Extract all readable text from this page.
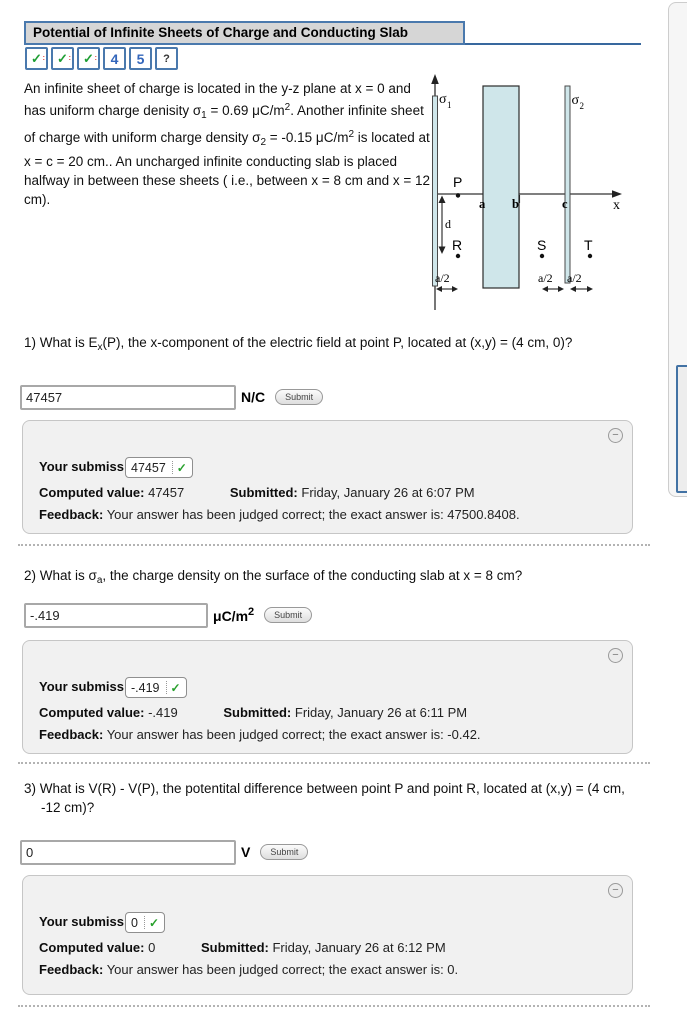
Potential of Infinite Sheets of Charge and Conducting Slab
✓ : ✓ : ✓ : 4 5 ?
An infinite sheet of charge is located in the y-z plane at x = 0 and has uniform charge denisity $\sigma_1 = 0.69$ $\mu C/m^2$. Another infinite sheet of charge with uniform charge density $\sigma_2 = -0.15$ $\mu C/m^2$ is located at x = c = 20 cm.. An uncharged infinite conducting slab is placed halfway in between these sheets ( i.e., between x = 8 cm and x = 12 cm).	x
σ 1	σ 2
a b	c
P
d
R	S	T
a/2	a/2 a/2
1) What is $E_x(P)$, the x-component of the electric field at point P, located at (x,y) = (4 cm, 0)?
47457
N/C	Submit
−
Your submiss 47457 ✓
Computed value: 47457	Submitted: Friday, January 26 at 6:07 PM
Feedback: Your answer has been judged correct; the exact answer is: 47500.8408.
2) What is $\sigma_a$, the charge density on the surface of the conducting slab at x = 8 cm?
-.419
$\mu C/m^2$	Submit
−
Your submiss -.419 ✓
Computed value: -.419	Submitted: Friday, January 26 at 6:11 PM
Feedback: Your answer has been judged correct; the exact answer is: -0.42.
3) What is V(R) - V(P), the potentital difference between point P and point R, located at (x,y) = (4 cm, -12 cm)?
0
V	Submit
−
Your submiss 0 ✓
Computed value: 0	Submitted: Friday, January 26 at 6:12 PM
Feedback: Your answer has been judged correct; the exact answer is: 0.
